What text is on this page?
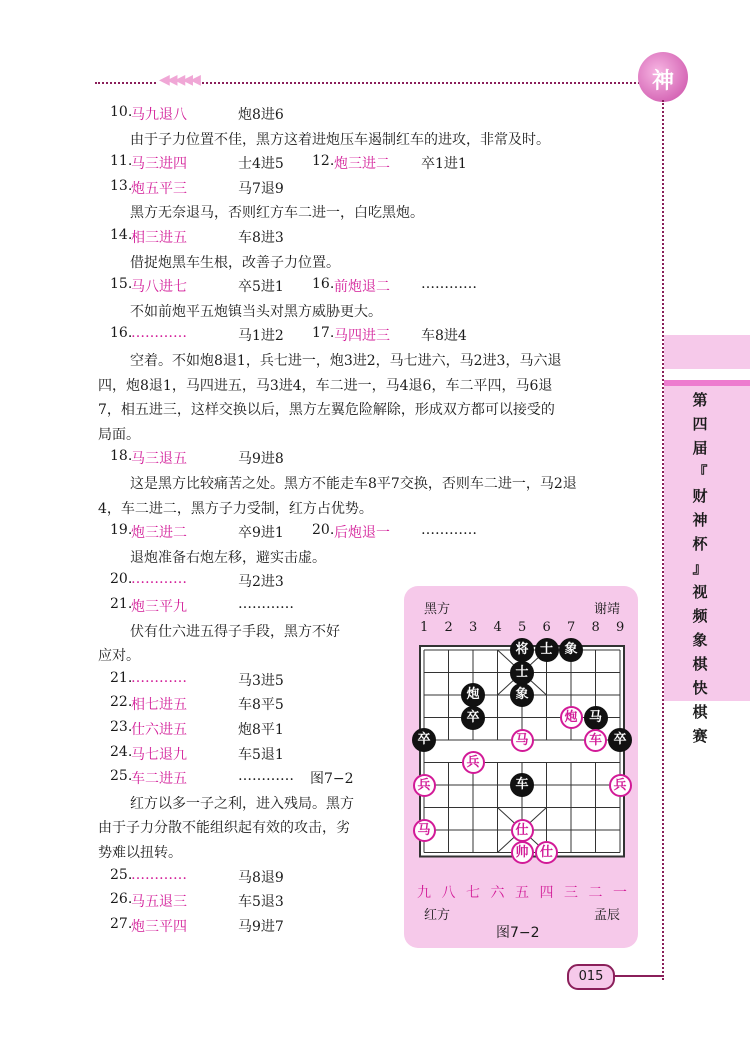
◀◀◀◀◀	神
第
四
届
『
财
神
杯
』
视
频
象
棋
快
棋
赛
10.
马九退八	炮8进6
由于子力位置不佳，黑方这着进炮压车遏制红车的进攻，非常及时。
11.
马三进四	士4进5 12. 炮三进二 卒1进1
13.
炮五平三	马7退9
黑方无奈退马，否则红方车二进一，白吃黑炮。
14.
相三进五	车8进3
借捉炮黑车生根，改善子力位置。
15.
马八进七	卒5进1 16. 前炮退二 …………
不如前炮平五炮镇当头对黑方威胁更大。
16.
…………	马1进2 17. 马四进三 车8进4
空着。不如炮8退1，兵七进一，炮3进2，马七进六，马2进3，马六退
四，炮8退1，马四进五，马3进4，车二进一，马4退6，车二平四，马6退
7，相五进三，这样交换以后，黑方左翼危险解除，形成双方都可以接受的
局面。
18.
马三退五	马9进8
这是黑方比较痛苦之处。黑方不能走车8平7交换，否则车二进一，马2退
4，车二进二，黑方子力受制，红方占优势。
19.
炮三进二	卒9进1 20. 后炮退一 …………
退炮准备右炮左移，避实击虚。
20.
…………	马2进3
21.
炮三平九	…………
伏有仕六进五得子手段，黑方不好
应对。
21.
…………	马3进5
22.
相七进五	车8平5
23.
仕六进五	炮8平1
24.
马七退九	车5退1
25.
车二进五	………… 图7−2
红方以多一子之利，进入残局。黑方
由于子力分散不能组织起有效的攻击，劣
势难以扭转。
25.
…………	马8退9
26.
马五退三	车5退3
27.
炮三平四	马9进7
黑方	谢靖
1 2 3 4 5 6 7 8 9
将 士 象
士
炮	象
卒	炮 马
卒	马	车 卒
兵
兵	车	兵
马	仕
帅 仕
九 八 七 六 五 四 三 二 一
红方	孟辰
图7−2
015
